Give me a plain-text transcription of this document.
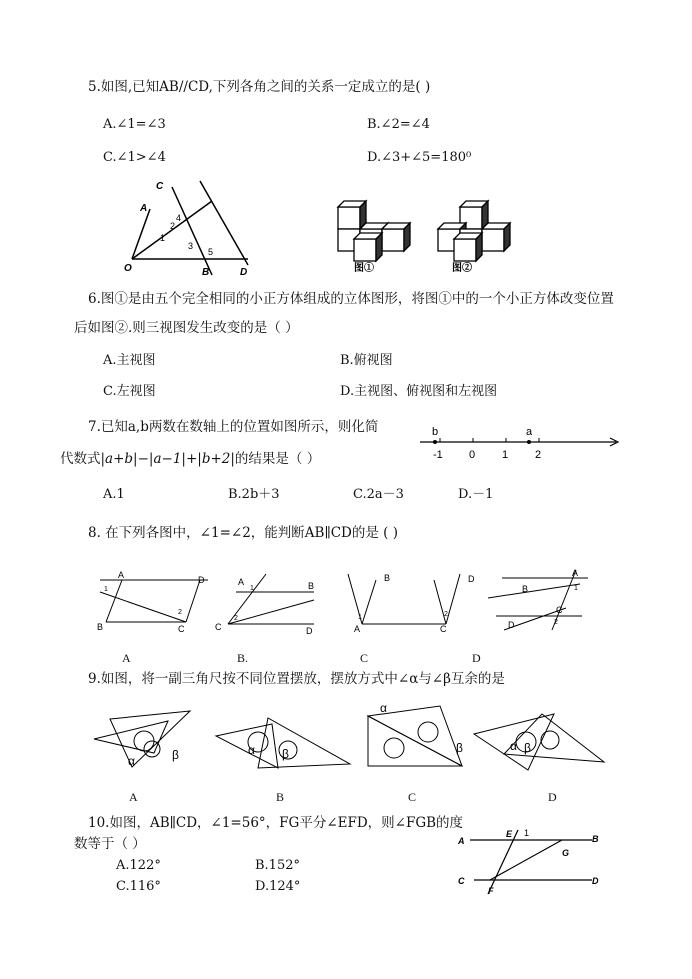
5.如图,已知AB//CD,下列各角之间的关系一定成立的是( )
A.∠1=∠3	B.∠2=∠4
C.∠1>∠4	D.∠3+∠5=180⁰
C
A
4
2
1
3
5
O	B	D	图①	图②
6.图①是由五个完全相同的小正方体组成的立体图形，将图①中的一个小正方体改变位置
后如图②.则三视图发生改变的是（ ）
A.主视图	B.俯视图
C.左视图	D.主视图、俯视图和左视图
7.已知a,b两数在数轴上的位置如图所示，则化简
代数式|a+b|−|a−1|+|b+2|的结果是（ ）
A.1	B.2b＋3	C.2a－3	D.－1
b	a
-1 0 1 2
8. 在下列各图中，∠1=∠2，能判断AB∥CD的是 ( )
A	D
B	C
1
2
A	B
C	D
1
2
B	D
A	C
1	2
A
B
C
D
1
2
A	B.	C	D
9.如图，将一副三角尺按不同位置摆放，摆放方式中∠α与∠β互余的是
α	β	α β
α
β	α β
A	B	C	D
10.如图，AB∥CD，∠1=56°，FG平分∠EFD，则∠FGB的度
数等于（ ）
A.122°	B.152°
C.116°	D.124°
A
E 1
B
G
C
F
D
